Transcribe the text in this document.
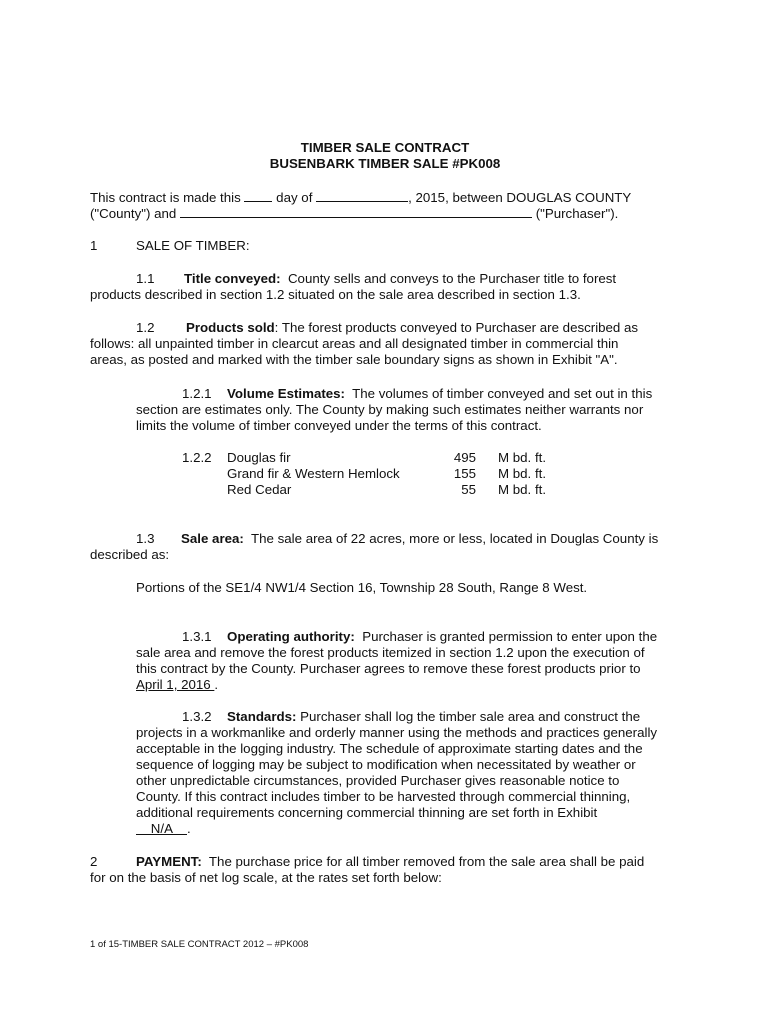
TIMBER SALE CONTRACT
BUSENBARK TIMBER SALE #PK008
This contract is made this	day of	, 2015, between DOUGLAS COUNTY
("County") and	("Purchaser").
1	SALE OF TIMBER:
1.1 Title conveyed: County sells and conveys to the Purchaser title to forest
products described in section 1.2 situated on the sale area described in section 1.3.
1.2 Products sold: The forest products conveyed to Purchaser are described as
follows: all unpainted timber in clearcut areas and all designated timber in commercial thin
areas, as posted and marked with the timber sale boundary signs as shown in Exhibit "A".
1.2.1 Volume Estimates: The volumes of timber conveyed and set out in this
section are estimates only. The County by making such estimates neither warrants nor
limits the volume of timber conveyed under the terms of this contract.
1.2.2 Douglas fir	495 M bd. ft.
Grand fir & Western Hemlock	155 M bd. ft.
Red Cedar	55 M bd. ft.
1.3 Sale area: The sale area of 22 acres, more or less, located in Douglas County is
described as:
Portions of the SE1/4 NW1/4 Section 16, Township 28 South, Range 8 West.
1.3.1 Operating authority: Purchaser is granted permission to enter upon the
sale area and remove the forest products itemized in section 1.2 upon the execution of
this contract by the County. Purchaser agrees to remove these forest products prior to
April 1, 2016 .
1.3.2 Standards: Purchaser shall log the timber sale area and construct the
projects in a workmanlike and orderly manner using the methods and practices generally
acceptable in the logging industry. The schedule of approximate starting dates and the
sequence of logging may be subject to modification when necessitated by weather or
other unpredictable circumstances, provided Purchaser gives reasonable notice to
County. If this contract includes timber to be harvested through commercial thinning,
additional requirements concerning commercial thinning are set forth in Exhibit
N/A    .
2	PAYMENT: The purchase price for all timber removed from the sale area shall be paid
for on the basis of net log scale, at the rates set forth below:
1 of 15-TIMBER SALE CONTRACT 2012 – #PK008
